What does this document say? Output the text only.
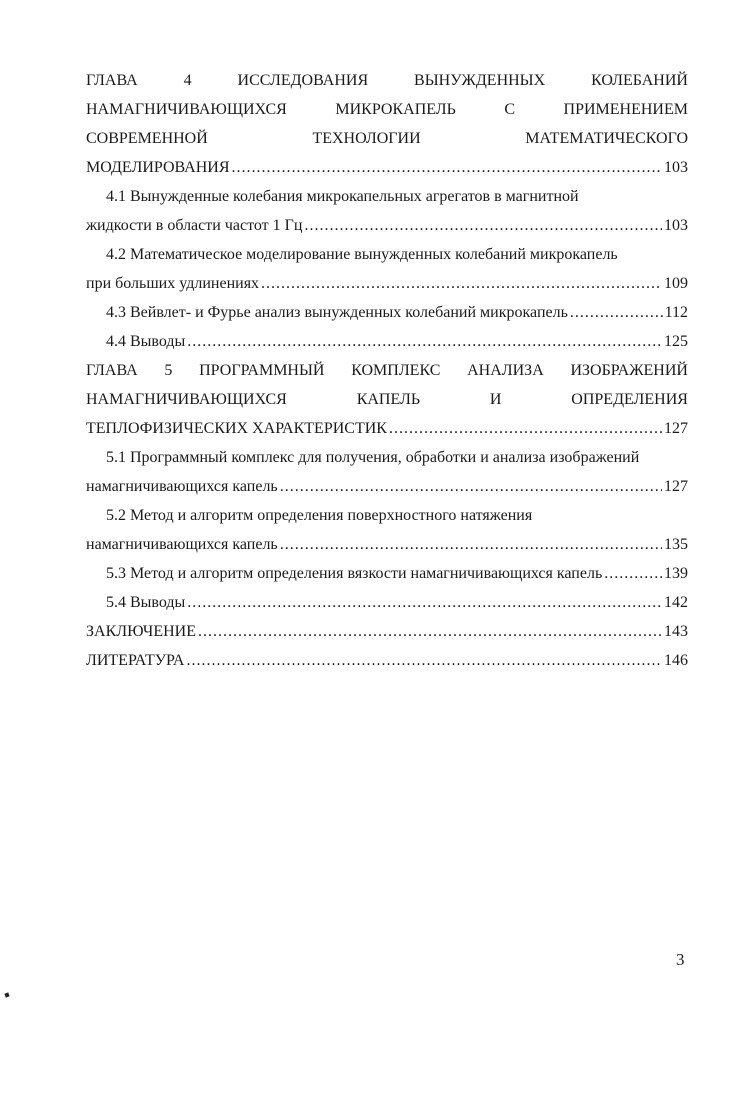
ГЛАВА	4	ИССЛЕДОВАНИЯ	ВЫНУЖДЕННЫХ	КОЛЕБАНИЙ
НАМАГНИЧИВАЮЩИХСЯ	МИКРОКАПЕЛЬ	С	ПРИМЕНЕНИЕМ
СОВРЕМЕННОЙ	ТЕХНОЛОГИИ	МАТЕМАТИЧЕСКОГО
МОДЕЛИРОВАНИЯ .....	103
4.1 Вынужденные колебания микрокапельных агрегатов в магнитной
жидкости в области частот 1 Гц .....	103
4.2 Математическое моделирование вынужденных колебаний микрокапель
при больших удлинениях .....	109
4.3 Вейвлет- и Фурье анализ вынужденных колебаний микрокапель .....	112
4.4 Выводы .....	125
ГЛАВА 5 ПРОГРАММНЫЙ КОМПЛЕКС АНАЛИЗА ИЗОБРАЖЕНИЙ
НАМАГНИЧИВАЮЩИХСЯ	КАПЕЛЬ	И	ОПРЕДЕЛЕНИЯ
ТЕПЛОФИЗИЧЕСКИХ ХАРАКТЕРИСТИК .....	127
5.1 Программный комплекс для получения, обработки и анализа изображений
намагничивающихся капель .....	127
5.2 Метод и алгоритм определения поверхностного натяжения
намагничивающихся капель .....	135
5.3 Метод и алгоритм определения вязкости намагничивающихся капель .....	139
5.4 Выводы .....	142
ЗАКЛЮЧЕНИЕ .....	143
ЛИТЕРАТУРА .....	146
3
